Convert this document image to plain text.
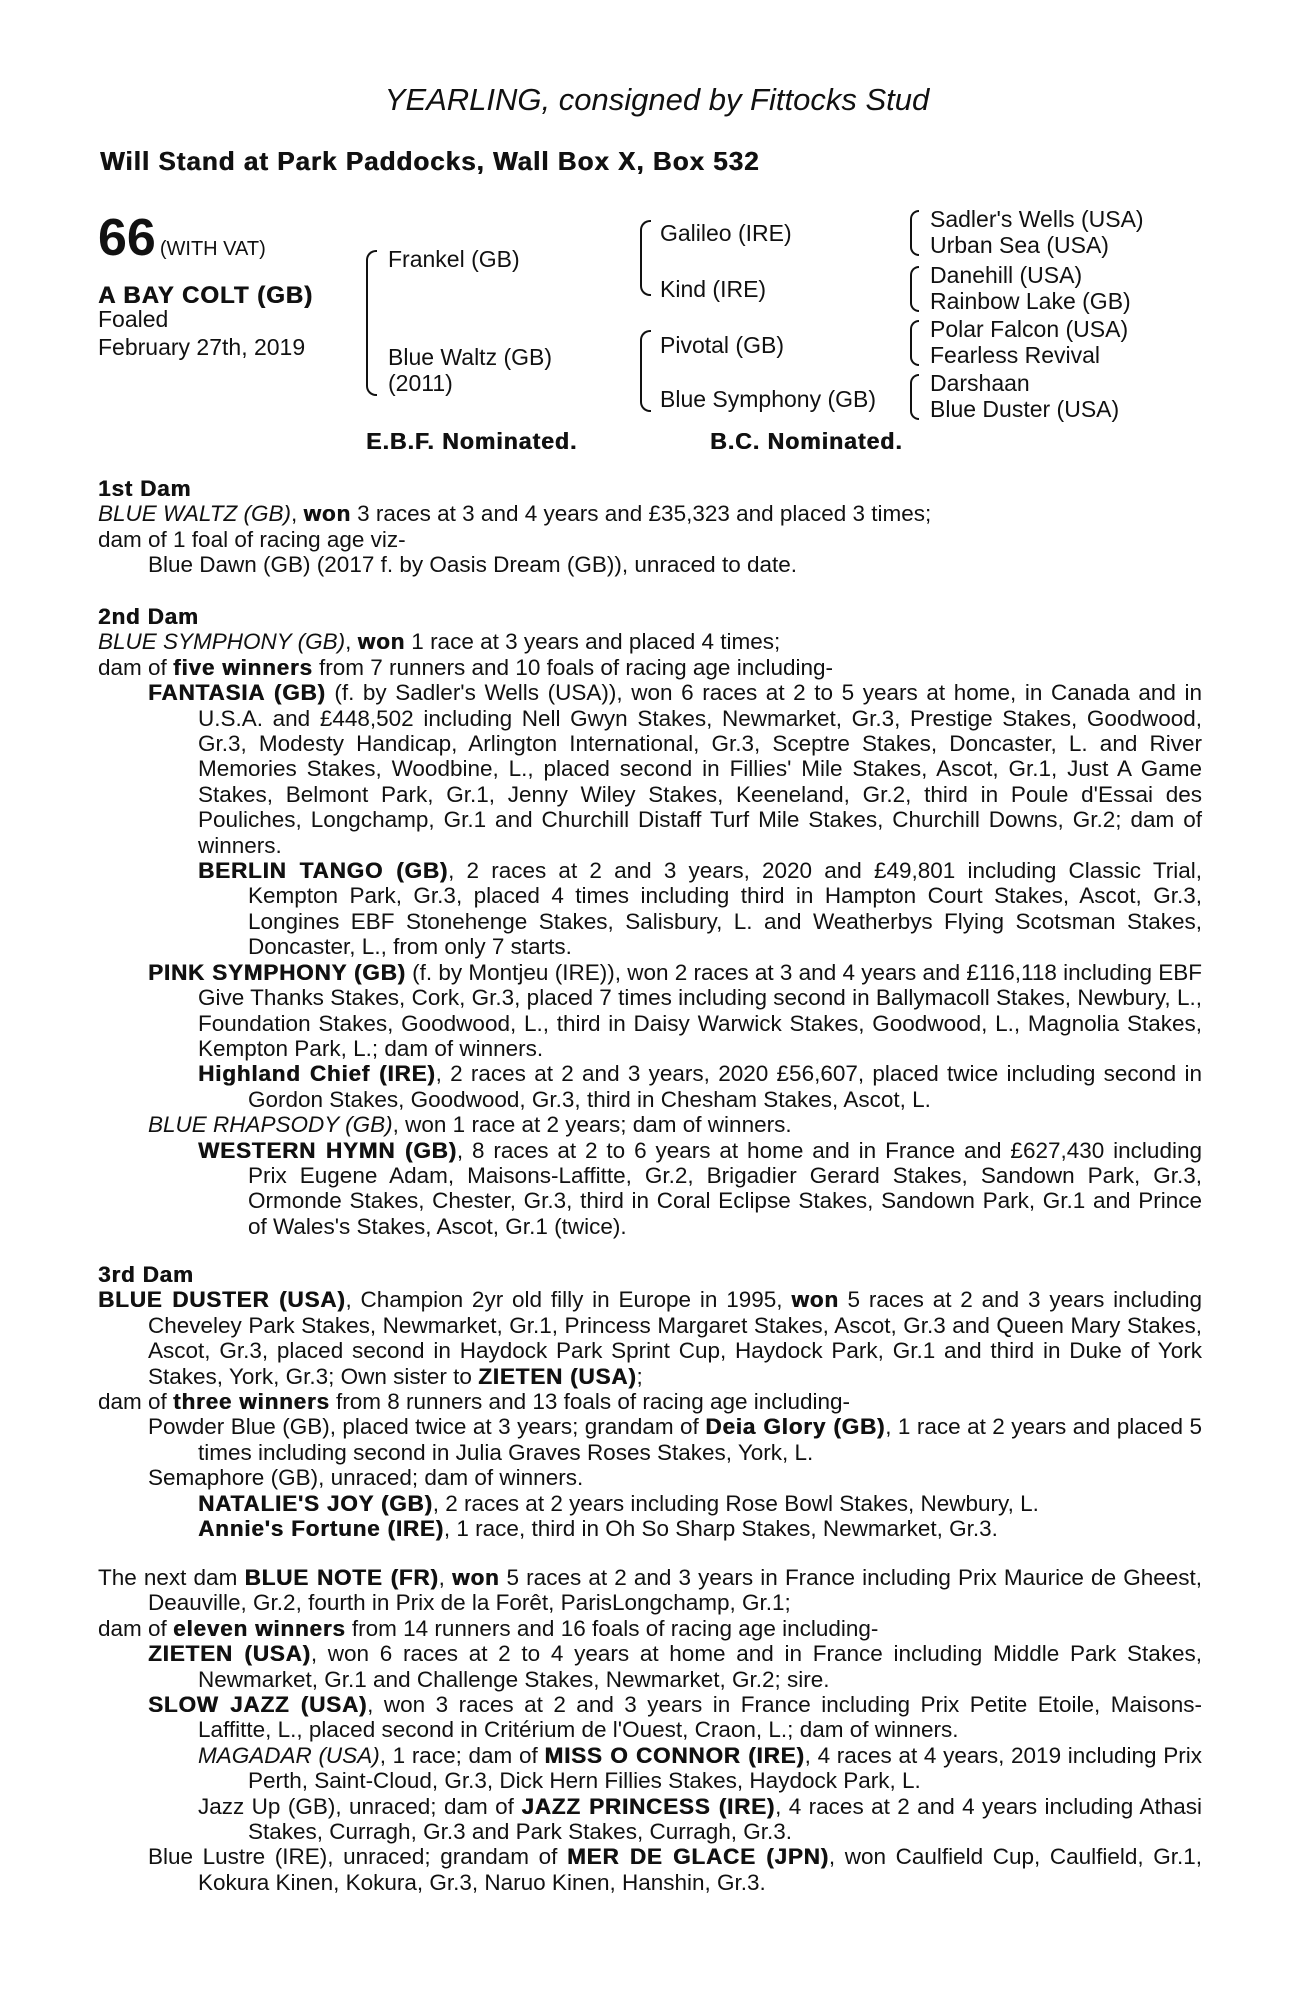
YEARLING, consigned by Fittocks Stud
Will Stand at Park Paddocks, Wall Box X, Box 532
66 (WITH VAT)
A BAY COLT (GB)
Foaled
February 27th, 2019
Frankel (GB)
Blue Waltz (GB)
(2011)
Galileo (IRE)
Kind (IRE)
Pivotal (GB)
Blue Symphony (GB)
Sadler's Wells (USA)
Urban Sea (USA)
Danehill (USA)
Rainbow Lake (GB)
Polar Falcon (USA)
Fearless Revival
Darshaan
Blue Duster (USA)
E.B.F. Nominated.	B.C. Nominated.

1st Dam

BLUE WALTZ (GB), won 3 races at 3 and 4 years and £35,323 and placed 3 times;

dam of 1 foal of racing age viz-

Blue Dawn (GB) (2017 f. by Oasis Dream (GB)), unraced to date.

2nd Dam

BLUE SYMPHONY (GB), won 1 race at 3 years and placed 4 times;

dam of five winners from 7 runners and 10 foals of racing age including-

FANTASIA (GB) (f. by Sadler's Wells (USA)), won 6 races at 2 to 5 years at home, in Canada and in U.S.A. and £448,502 including Nell Gwyn Stakes, Newmarket, Gr.3, Prestige Stakes, Goodwood, Gr.3, Modesty Handicap, Arlington International, Gr.3, Sceptre Stakes, Doncaster, L. and River Memories Stakes, Woodbine, L., placed second in Fillies' Mile Stakes, Ascot, Gr.1, Just A Game Stakes, Belmont Park, Gr.1, Jenny Wiley Stakes, Keeneland, Gr.2, third in Poule d'Essai des Pouliches, Longchamp, Gr.1 and Churchill Distaff Turf Mile Stakes, Churchill Downs, Gr.2; dam of winners.

BERLIN TANGO (GB), 2 races at 2 and 3 years, 2020 and £49,801 including Classic Trial, Kempton Park, Gr.3, placed 4 times including third in Hampton Court Stakes, Ascot, Gr.3, Longines EBF Stonehenge Stakes, Salisbury, L. and Weatherbys Flying Scotsman Stakes, Doncaster, L., from only 7 starts.

PINK SYMPHONY (GB) (f. by Montjeu (IRE)), won 2 races at 3 and 4 years and £116,118 including EBF Give Thanks Stakes, Cork, Gr.3, placed 7 times including second in Ballymacoll Stakes, Newbury, L., Foundation Stakes, Goodwood, L., third in Daisy Warwick Stakes, Goodwood, L., Magnolia Stakes, Kempton Park, L.; dam of winners.

Highland Chief (IRE), 2 races at 2 and 3 years, 2020 £56,607, placed twice including second in Gordon Stakes, Goodwood, Gr.3, third in Chesham Stakes, Ascot, L.

BLUE RHAPSODY (GB), won 1 race at 2 years; dam of winners.

WESTERN HYMN (GB), 8 races at 2 to 6 years at home and in France and £627,430 including Prix Eugene Adam, Maisons-Laffitte, Gr.2, Brigadier Gerard Stakes, Sandown Park, Gr.3, Ormonde Stakes, Chester, Gr.3, third in Coral Eclipse Stakes, Sandown Park, Gr.1 and Prince of Wales's Stakes, Ascot, Gr.1 (twice).

3rd Dam

BLUE DUSTER (USA), Champion 2yr old filly in Europe in 1995, won 5 races at 2 and 3 years including Cheveley Park Stakes, Newmarket, Gr.1, Princess Margaret Stakes, Ascot, Gr.3 and Queen Mary Stakes, Ascot, Gr.3, placed second in Haydock Park Sprint Cup, Haydock Park, Gr.1 and third in Duke of York Stakes, York, Gr.3; Own sister to ZIETEN (USA);

dam of three winners from 8 runners and 13 foals of racing age including-

Powder Blue (GB), placed twice at 3 years; grandam of Deia Glory (GB), 1 race at 2 years and placed 5 times including second in Julia Graves Roses Stakes, York, L.

Semaphore (GB), unraced; dam of winners.

NATALIE'S JOY (GB), 2 races at 2 years including Rose Bowl Stakes, Newbury, L.

Annie's Fortune (IRE), 1 race, third in Oh So Sharp Stakes, Newmarket, Gr.3.

The next dam BLUE NOTE (FR), won 5 races at 2 and 3 years in France including Prix Maurice de Gheest, Deauville, Gr.2, fourth in Prix de la Forêt, ParisLongchamp, Gr.1;

dam of eleven winners from 14 runners and 16 foals of racing age including-

ZIETEN (USA), won 6 races at 2 to 4 years at home and in France including Middle Park Stakes, Newmarket, Gr.1 and Challenge Stakes, Newmarket, Gr.2; sire.

SLOW JAZZ (USA), won 3 races at 2 and 3 years in France including Prix Petite Etoile, Maisons-Laffitte, L., placed second in Critérium de l'Ouest, Craon, L.; dam of winners.

MAGADAR (USA), 1 race; dam of MISS O CONNOR (IRE), 4 races at 4 years, 2019 including Prix Perth, Saint-Cloud, Gr.3, Dick Hern Fillies Stakes, Haydock Park, L.

Jazz Up (GB), unraced; dam of JAZZ PRINCESS (IRE), 4 races at 2 and 4 years including Athasi Stakes, Curragh, Gr.3 and Park Stakes, Curragh, Gr.3.

Blue Lustre (IRE), unraced; grandam of MER DE GLACE (JPN), won Caulfield Cup, Caulfield, Gr.1, Kokura Kinen, Kokura, Gr.3, Naruo Kinen, Hanshin, Gr.3.
